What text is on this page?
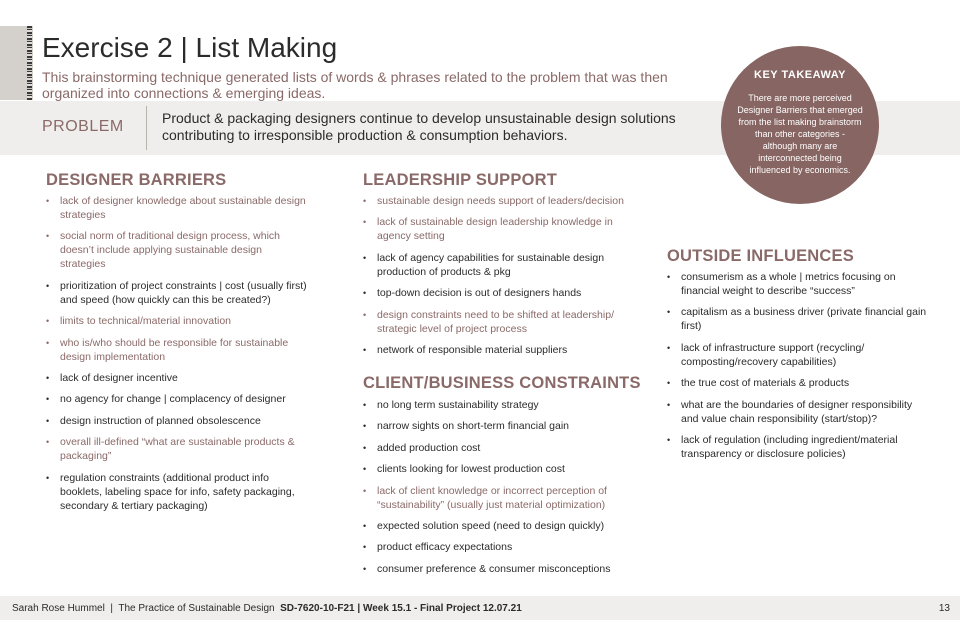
Exercise 2 | List Making

This brainstorming technique generated lists of words & phrases related to the problem that was then organized into connections & emerging ideas.

PROBLEM	Product & packaging designers continue to develop unsustainable design solutions contributing to irresponsible production & consumption behaviors.

KEY TAKEAWAY
There are more perceived Designer Barriers that emerged from the list making brainstorm than other categories - although many are interconnected being influenced by economics.
DESIGNER BARRIERS
• lack of designer knowledge about sustainable design strategies
• social norm of traditional design process, which doesn’t include applying sustainable design strategies
• prioritization of project constraints | cost (usually first) and speed (how quickly can this be created?)
• limits to technical/material innovation
• who is/who should be responsible for sustainable design implementation
• lack of designer incentive
• no agency for change | complacency of designer
• design instruction of planned obsolescence
• overall ill-defined “what are sustainable products & packaging”
• regulation constraints (additional product info booklets, labeling space for info, safety packaging, secondary & tertiary packaging)
LEADERSHIP SUPPORT
• sustainable design needs support of leaders/decision
• lack of sustainable design leadership knowledge in agency setting
• lack of agency capabilities for sustainable design production of products & pkg
• top-down decision is out of designers hands
• design constraints need to be shifted at leadership/ strategic level of project process
• network of responsible material suppliers
CLIENT/BUSINESS CONSTRAINTS
• no long term sustainability strategy
• narrow sights on short-term financial gain
• added production cost
• clients looking for lowest production cost
• lack of client knowledge or incorrect perception of “sustainability” (usually just material optimization)
• expected solution speed (need to design quickly)
• product efficacy expectations
• consumer preference & consumer misconceptions
OUTSIDE INFLUENCES
• consumerism as a whole | metrics focusing on financial weight to describe “success”
• capitalism as a business driver (private financial gain first)
• lack of infrastructure support (recycling/ composting/recovery capabilities)
• the true cost of materials & products
• what are the boundaries of designer responsibility and value chain responsibility (start/stop)?
• lack of regulation (including ingredient/material transparency or disclosure policies)
Sarah Rose Hummel | The Practice of Sustainable Design SD-7620-10-F21 | Week 15.1 - Final Project 12.07.21	13
